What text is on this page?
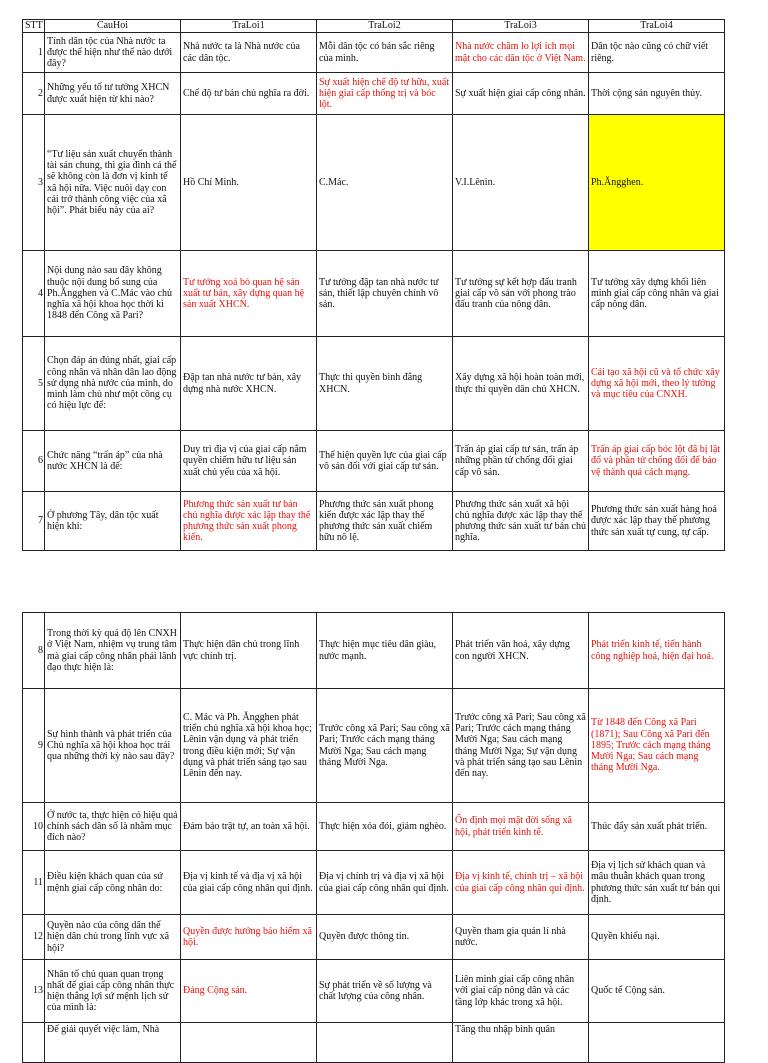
STT	CauHoi	TraLoi1	TraLoi2	TraLoi3	TraLoi4
1	Tính dân tộc của Nhà nước ta được thể hiện như thế nào dưới đây?	Nhà nước ta là Nhà nước của các dân tộc.	Mỗi dân tộc có bản sắc riêng của mình.	Nhà nước chăm lo lợi ích mọi mặt cho các dân tộc ở Việt Nam.	Dân tộc nào cũng có chữ viết riêng.
2	Những yếu tố tư tưởng XHCN được xuất hiện từ khi nào?	Chế độ tư bản chủ nghĩa ra đời.	Sự xuất hiện chế độ tư hữu, xuất hiện giai cấp thống trị và bóc lột.	Sự xuất hiện giai cấp công nhân.	Thời cộng sản nguyên thủy.
3	“Tư liệu sản xuất chuyển thành tài sản chung, thì gia đình cá thể sẽ không còn là đơn vị kinh tế xã hội nữa. Việc nuôi dạy con cái trở thành công việc của xã hội”. Phát biểu này của ai?	Hồ Chí Minh.	C.Mác.	V.I.Lênin.	Ph.Ăngghen.
4	Nội dung nào sau đây không thuộc nội dung bổ sung của Ph.Ăngghen và C.Mác vào chủ nghĩa xã hội khoa học thời kì 1848 đến Công xã Pari?	Tư tưởng xoá bỏ quan hệ sản xuất tư bản, xây dựng quan hệ sản xuất XHCN.	Tư tưởng đập tan nhà nước tư sản, thiết lập chuyên chính vô sản.	Tư tưởng sự kết hợp đấu tranh giai cấp vô sản với phong trào đấu tranh của nông dân.	Tư tưởng xây dựng khối liên minh giai cấp công nhân và giai cấp nông dân.
5	Chọn đáp án đúng nhất, giai cấp công nhân và nhân dân lao động sử dụng nhà nước của mình, do mình làm chủ như một công cụ có hiệu lực để:	Đập tan nhà nước tư bản, xây dựng nhà nước XHCN.	Thực thi quyền bình đẳng XHCN.	Xây dựng xã hội hoàn toàn mới, thực thi quyền dân chủ XHCN.	Cải tạo xã hội cũ và tổ chức xây dựng xã hội mới, theo lý tưởng và mục tiêu của CNXH.
6	Chức năng “trấn áp” của nhà nước XHCN là để:	Duy trì địa vị của giai cấp nắm quyền chiếm hữu tư liệu sản xuất chủ yếu của xã hội.	Thể hiện quyền lực của giai cấp vô sản đối với giai cấp tư sản.	Trấn áp giai cấp tư sản, trấn áp những phần tử chống đối giai cấp vô sản.	Trấn áp giai cấp bóc lột đã bị lật đổ và phần tử chống đối để bảo vệ thành quả cách mạng.
7	Ở phương Tây, dân tộc xuất hiện khi:	Phương thức sản xuất tư bản chủ nghĩa được xác lập thay thế phương thức sản xuất phong kiến.	Phương thức sản xuất phong kiến được xác lập thay thế phương thức sản xuất chiếm hữu nô lệ.	Phương thức sản xuất xã hội chủ nghĩa được xác lập thay thế phương thức sản xuất tư bản chủ nghĩa.	Phương thức sản xuất hàng hoá được xác lập thay thế phương thức sản xuất tự cung, tự cấp.
8	Trong thời kỳ quá độ lên CNXH ở Việt Nam, nhiệm vụ trung tâm mà giai cấp công nhân phải lãnh đạo thực hiện là:	Thực hiện dân chủ trong lĩnh vực chính trị.	Thực hiện mục tiêu dân giàu, nước mạnh.	Phát triển văn hoá, xây dựng con người XHCN.	Phát triển kinh tế, tiến hành công nghiệp hoá, hiện đại hoá.
9	Sự hình thành và phát triển của Chủ nghĩa xã hội khoa học trải qua những thời kỳ nào sau đây?	C. Mác và Ph. Ăngghen phát triển chủ nghĩa xã hội khoa học; Lênin vận dụng và phát triển trong điều kiện mới; Sự vận dụng và phát triển sáng tạo sau Lênin đến nay.	Trước công xã Pari; Sau công xã Pari; Trước cách mạng tháng Mười Nga; Sau cách mạng tháng Mười Nga.	Trước công xã Pari; Sau công xã Pari; Trước cách mạng tháng Mười Nga; Sau cách mạng tháng Mười Nga; Sự vận dụng và phát triển sáng tạo sau Lênin đến nay.	Từ 1848 đến Công xã Pari (1871); Sau Công xã Pari đến 1895; Trước cách mạng tháng Mười Nga; Sau cách mạng tháng Mười Nga.
10	Ở nước ta, thực hiện có hiệu quả chính sách dân số là nhằm mục đích nào?	Đảm bảo trật tự, an toàn xã hội.	Thực hiện xóa đói, giảm nghèo.	Ổn định mọi mặt đời sống xã hội, phát triển kinh tế.	Thúc đẩy sản xuất phát triển.
11	Điều kiện khách quan của sứ mệnh giai cấp công nhân do:	Địa vị kinh tế và địa vị xã hội của giai cấp công nhân qui định.	Địa vị chính trị và địa vị xã hội của giai cấp công nhân qui định.	Địa vị kinh tế, chính trị – xã hội của giai cấp công nhân qui định.	Địa vị lịch sử khách quan và mâu thuẫn khách quan trong phương thức sản xuất tư bản qui định.
12	Quyền nào của công dân thể hiện dân chủ trong lĩnh vực xã hội?	Quyền được hưởng bảo hiểm xã hội.	Quyền được thông tin.	Quyền tham gia quản lí nhà nước.	Quyền khiếu nại.
13	Nhân tố chủ quan quan trọng nhất để giai cấp công nhân thực hiện thắng lợi sứ mệnh lịch sử của mình là:	Đảng Cộng sản.	Sự phát triển về số lượng và chất lượng của công nhân.	Liên minh giai cấp công nhân với giai cấp nông dân và các tầng lớp khác trong xã hội.	Quốc tế Cộng sản.
	Để giải quyết việc làm, Nhà			Tăng thu nhập bình quân	
